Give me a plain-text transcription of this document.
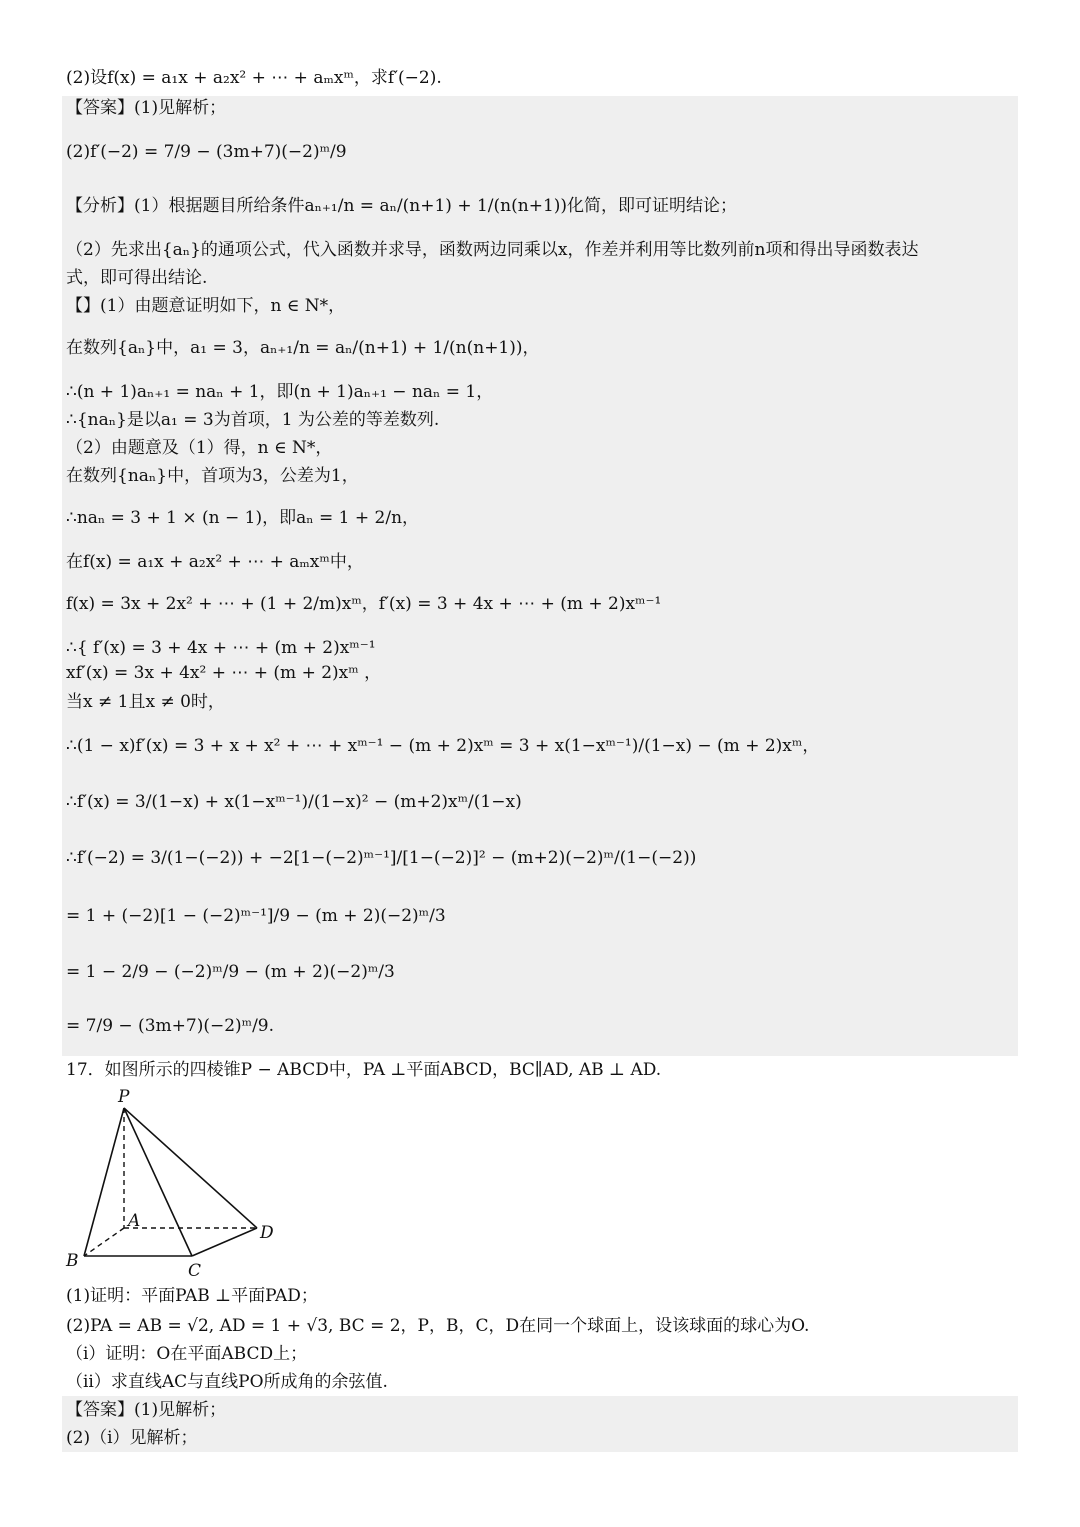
(2)设f(x) = a₁x + a₂x² + ⋯ + aₘxᵐ，求f′(−2).
【答案】(1)见解析；
(2)f′(−2) = 7/9 − (3m+7)(−2)ᵐ/9
【分析】(1）根据题目所给条件aₙ₊₁/n = aₙ/(n+1) + 1/(n(n+1))化简，即可证明结论；
（2）先求出{aₙ}的通项公式，代入函数并求导，函数两边同乘以x，作差并利用等比数列前n项和得出导函数表达
式，即可得出结论.
【】(1）由题意证明如下，n ∈ N*，
在数列{aₙ}中，a₁ = 3，aₙ₊₁/n = aₙ/(n+1) + 1/(n(n+1))，
∴(n + 1)aₙ₊₁ = naₙ + 1，即(n + 1)aₙ₊₁ − naₙ = 1，
∴{naₙ}是以a₁ = 3为首项，1 为公差的等差数列.
（2）由题意及（1）得，n ∈ N*，
在数列{naₙ}中，首项为3，公差为1，
∴naₙ = 3 + 1 × (n − 1)，即aₙ = 1 + 2/n，
在f(x) = a₁x + a₂x² + ⋯ + aₘxᵐ中，
f(x) = 3x + 2x² + ⋯ + (1 + 2/m)xᵐ，f′(x) = 3 + 4x + ⋯ + (m + 2)xᵐ⁻¹
∴{ f′(x) = 3 + 4x + ⋯ + (m + 2)xᵐ⁻¹
xf′(x) = 3x + 4x² + ⋯ + (m + 2)xᵐ ，
当x ≠ 1且x ≠ 0时，
∴(1 − x)f′(x) = 3 + x + x² + ⋯ + xᵐ⁻¹ − (m + 2)xᵐ = 3 + x(1−xᵐ⁻¹)/(1−x) − (m + 2)xᵐ，
∴f′(x) = 3/(1−x) + x(1−xᵐ⁻¹)/(1−x)² − (m+2)xᵐ/(1−x)
∴f′(−2) = 3/(1−(−2)) + −2[1−(−2)ᵐ⁻¹]/[1−(−2)]² − (m+2)(−2)ᵐ/(1−(−2))
= 1 + (−2)[1 − (−2)ᵐ⁻¹]/9 − (m + 2)(−2)ᵐ/3
= 1 − 2/9 − (−2)ᵐ/9 − (m + 2)(−2)ᵐ/3
= 7/9 − (3m+7)(−2)ᵐ/9.
17．如图所示的四棱锥P − ABCD中，PA ⊥平面ABCD，BC∥AD, AB ⊥ AD.
P
A
B	C
D
(1)证明：平面PAB ⊥平面PAD；
(2)PA = AB = √2, AD = 1 + √3, BC = 2，P，B，C，D在同一个球面上，设该球面的球心为O.
（i）证明：O在平面ABCD上；
（ii）求直线AC与直线PO所成角的余弦值.
【答案】(1)见解析；
(2)（i）见解析；
